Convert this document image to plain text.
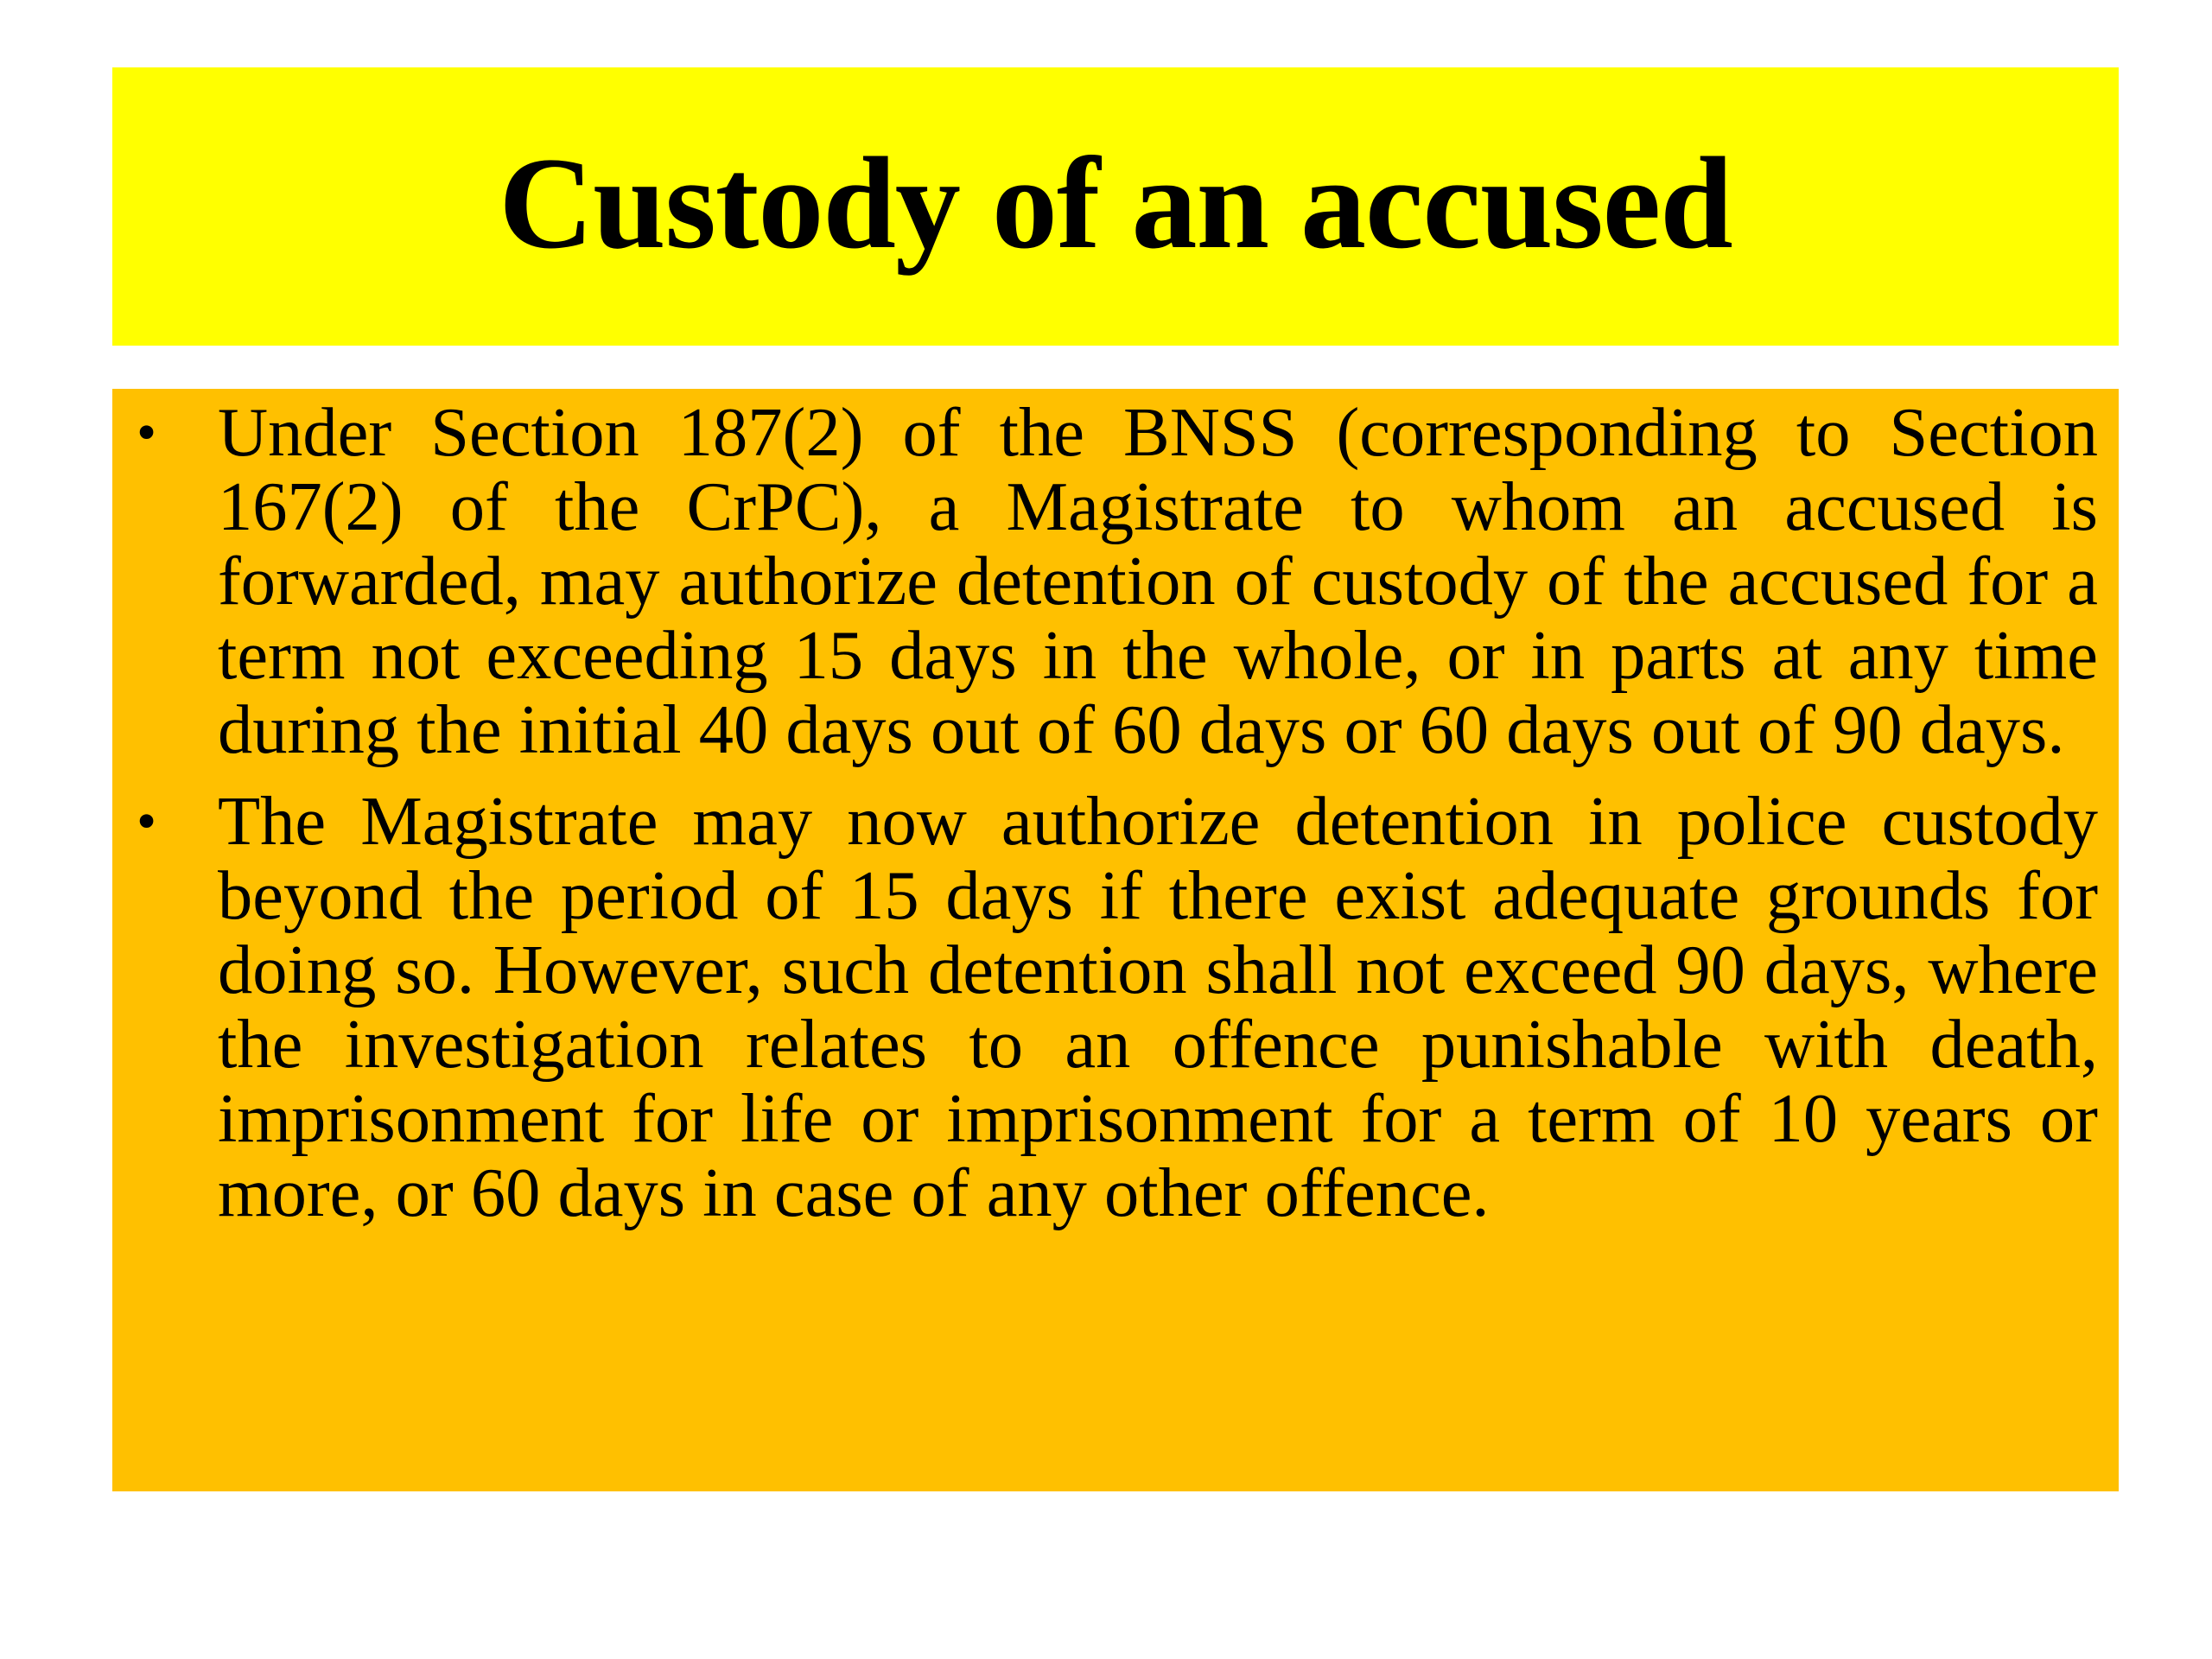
Custody of an accused
• Under Section 187(2) of the BNSS (corresponding to Section 167(2) of the CrPC), a Magistrate to whom an accused is forwarded, may authorize detention of custody of the accused for a term not exceeding 15 days in the whole, or in parts at any time during the initial 40 days out of 60 days or 60 days out of 90 days.
• The Magistrate may now authorize detention in police custody beyond the period of 15 days if there exist adequate grounds for doing so. However, such detention shall not exceed 90 days, where the investigation relates to an offence punishable with death, imprisonment for life or imprisonment for a term of 10 years or more, or 60 days in case of any other offence.
